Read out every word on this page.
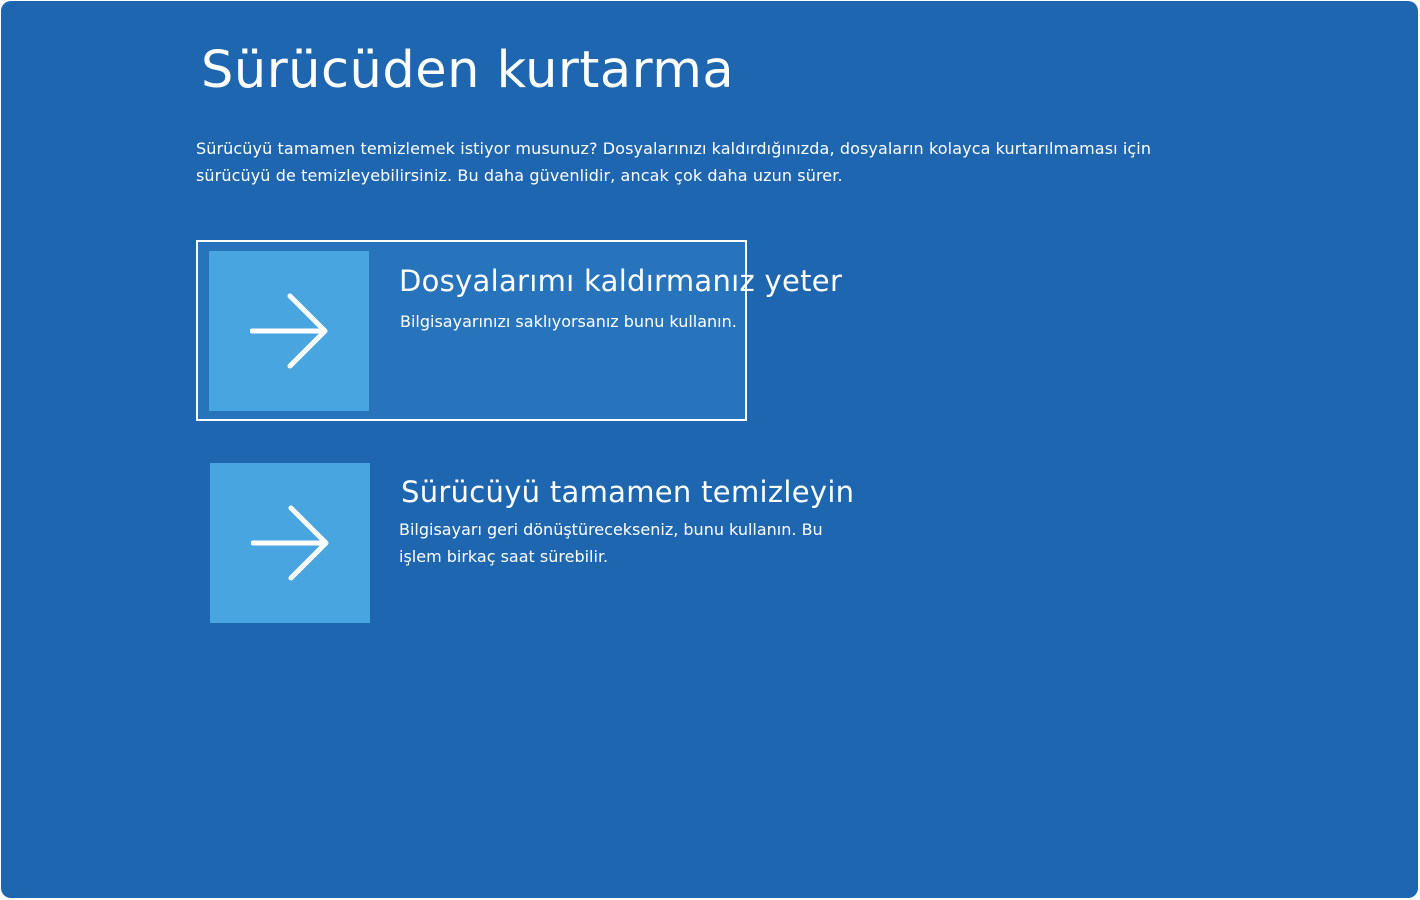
Sürücüden kurtarma

Sürücüyü tamamen temizlemek istiyor musunuz? Dosyalarınızı kaldırdığınızda, dosyaların kolayca kurtarılmaması için sürücüyü de temizleyebilirsiniz. Bu daha güvenlidir, ancak çok daha uzun sürer.

Dosyalarımı kaldırmanız yeter

Bilgisayarınızı saklıyorsanız bunu kullanın.

Sürücüyü tamamen temizleyin

Bilgisayarı geri dönüştürecekseniz, bunu kullanın. Bu işlem birkaç saat sürebilir.
